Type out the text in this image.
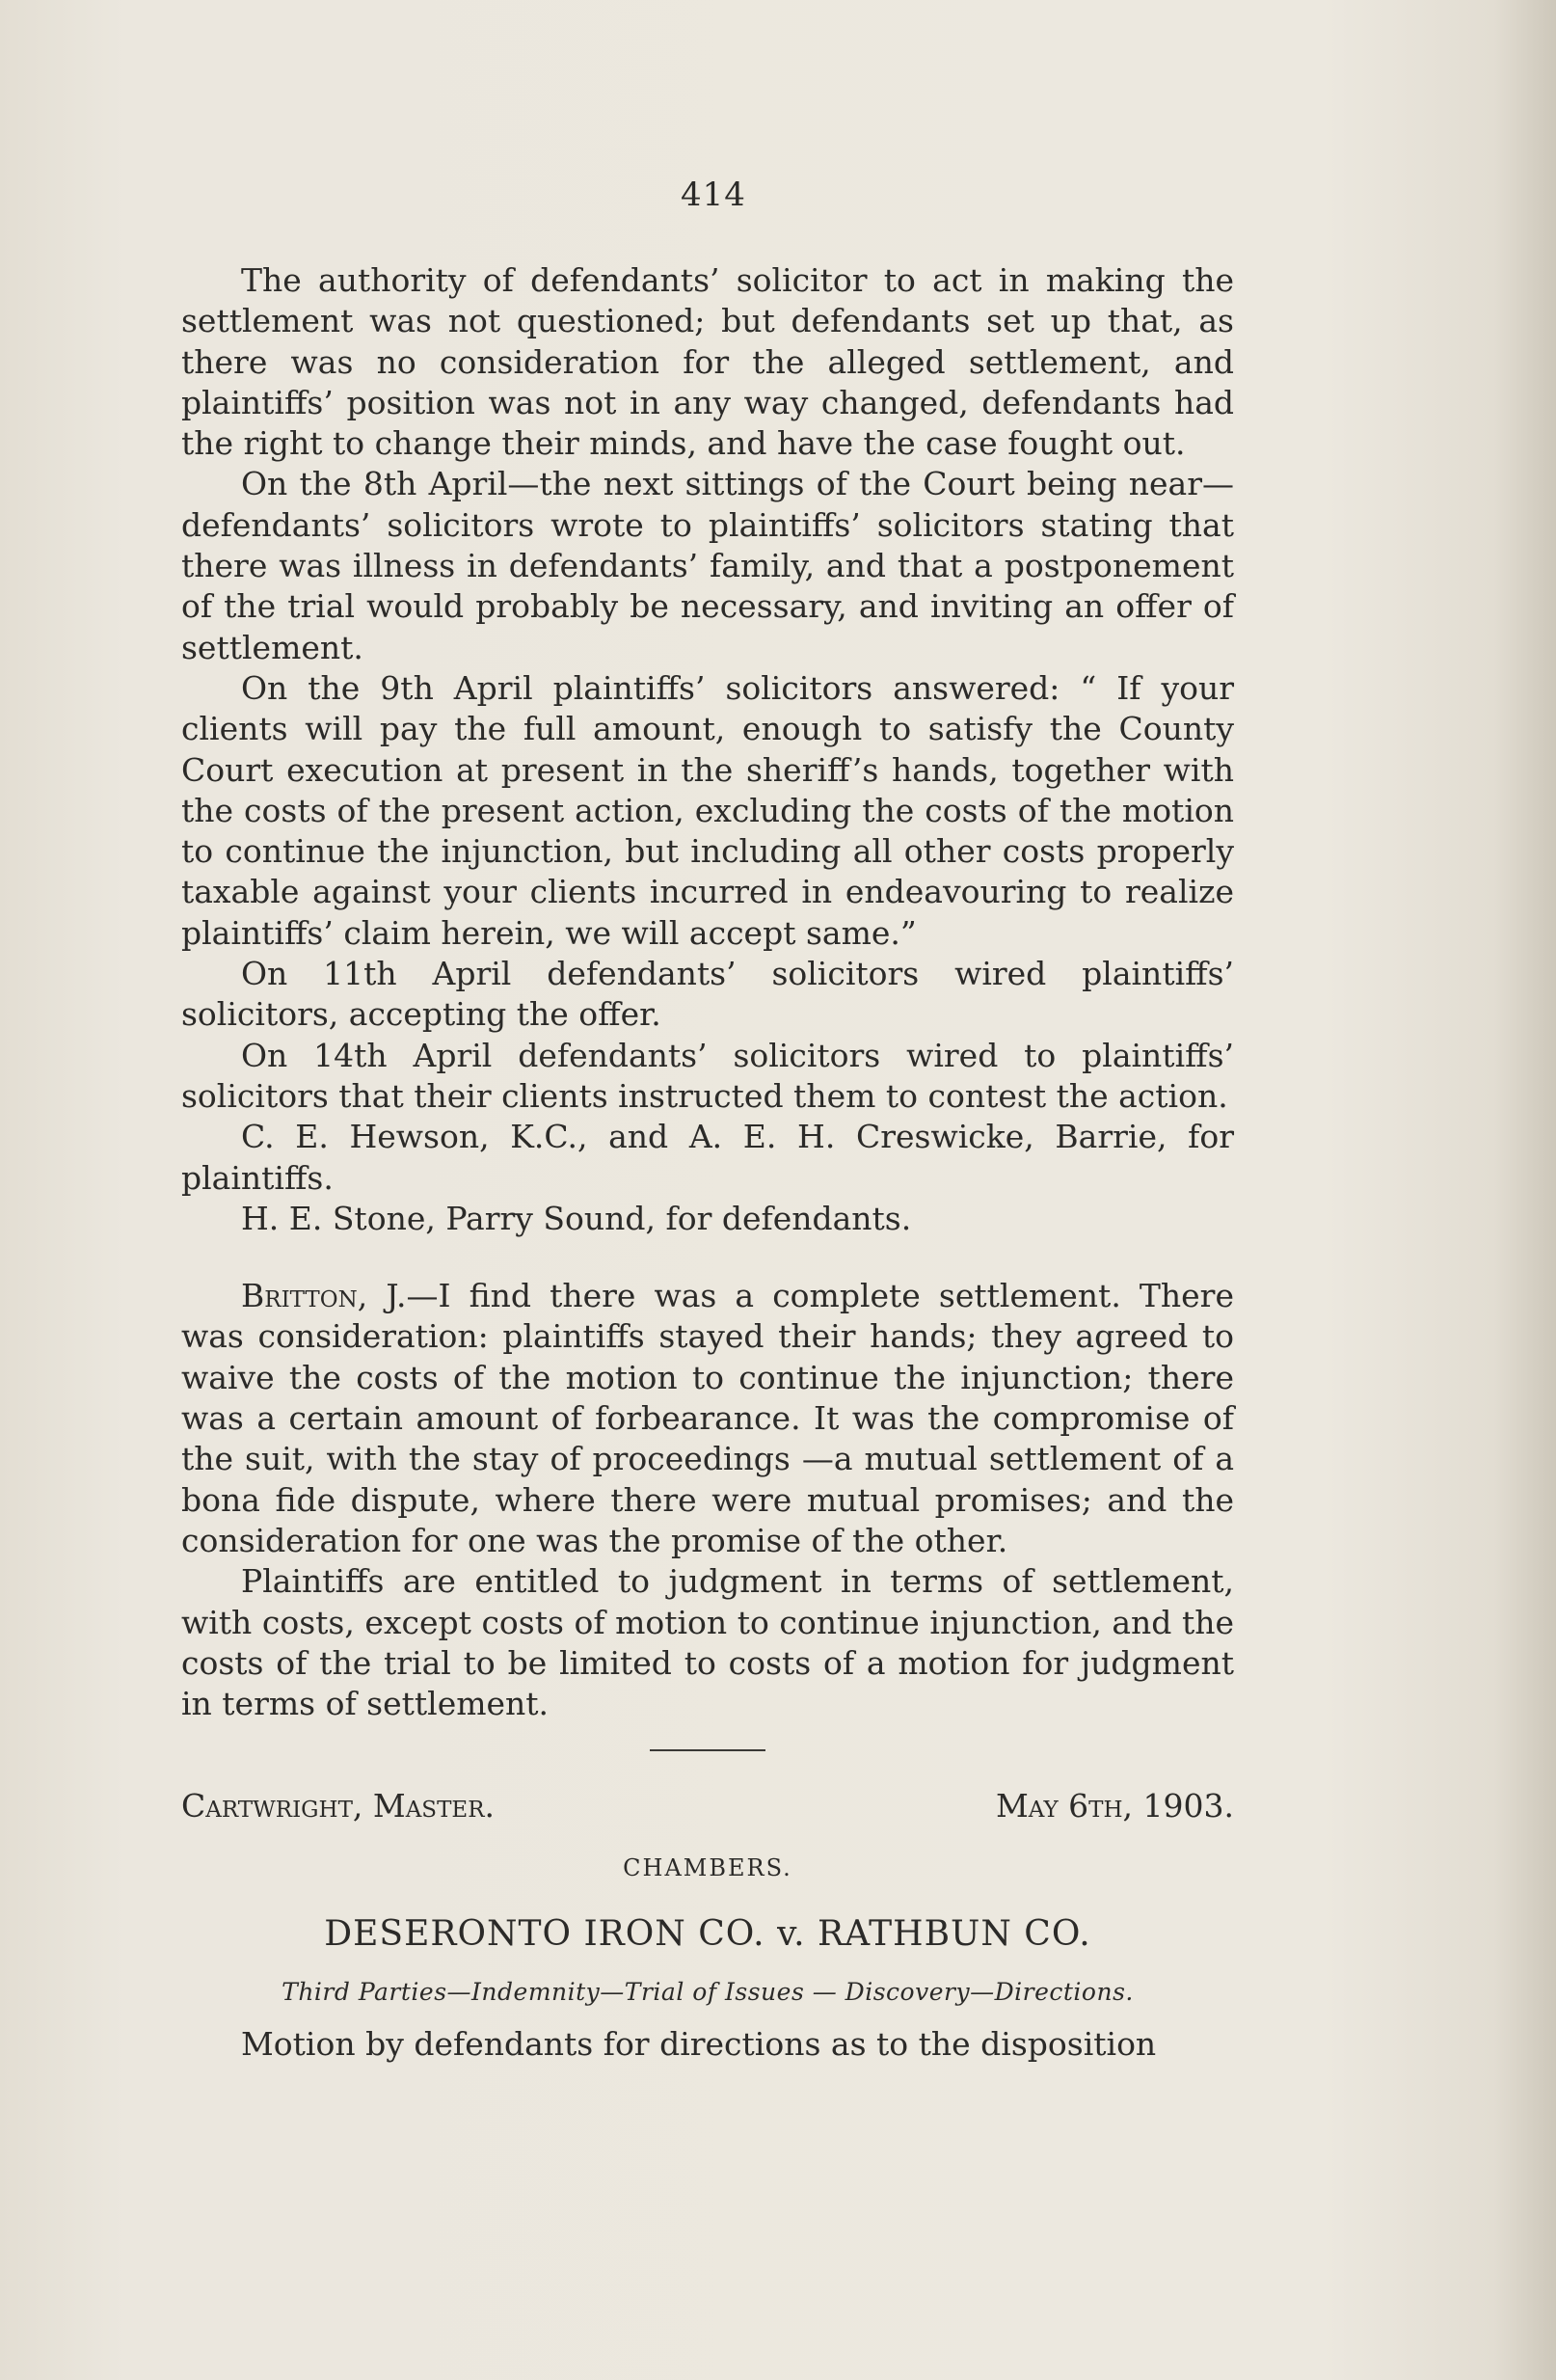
414

The authority of defendants’ solicitor to act in making the settlement was not questioned; but defendants set up that, as there was no consideration for the alleged settlement, and plaintiffs’ position was not in any way changed, defendants had the right to change their minds, and have the case fought out.

On the 8th April—the next sittings of the Court being near—defendants’ solicitors wrote to plaintiffs’ solicitors stating that there was illness in defendants’ family, and that a postponement of the trial would probably be necessary, and inviting an offer of settlement.

On the 9th April plaintiffs’ solicitors answered: “ If your clients will pay the full amount, enough to satisfy the County Court execution at present in the sheriff’s hands, together with the costs of the present action, excluding the costs of the motion to continue the injunction, but including all other costs properly taxable against your clients incurred in endeavouring to realize plaintiffs’ claim herein, we will accept same.”

On 11th April defendants’ solicitors wired plaintiffs’ solicitors, accepting the offer.

On 14th April defendants’ solicitors wired to plaintiffs’ solicitors that their clients instructed them to contest the action.

C. E. Hewson, K.C., and A. E. H. Creswicke, Barrie, for plaintiffs.

H. E. Stone, Parry Sound, for defendants.

Britton, J.—I find there was a complete settlement. There was consideration: plaintiffs stayed their hands; they agreed to waive the costs of the motion to continue the injunction; there was a certain amount of forbearance. It was the compromise of the suit, with the stay of proceedings —a mutual settlement of a bona fide dispute, where there were mutual promises; and the consideration for one was the promise of the other.

Plaintiffs are entitled to judgment in terms of settlement, with costs, except costs of motion to continue injunction, and the costs of the trial to be limited to costs of a motion for judgment in terms of settlement.

Cartwright, Master.	May 6th, 1903.
CHAMBERS.
DESERONTO IRON CO. v. RATHBUN CO.
Third Parties—Indemnity—Trial of Issues — Discovery—Directions.

Motion by defendants for directions as to the disposition
